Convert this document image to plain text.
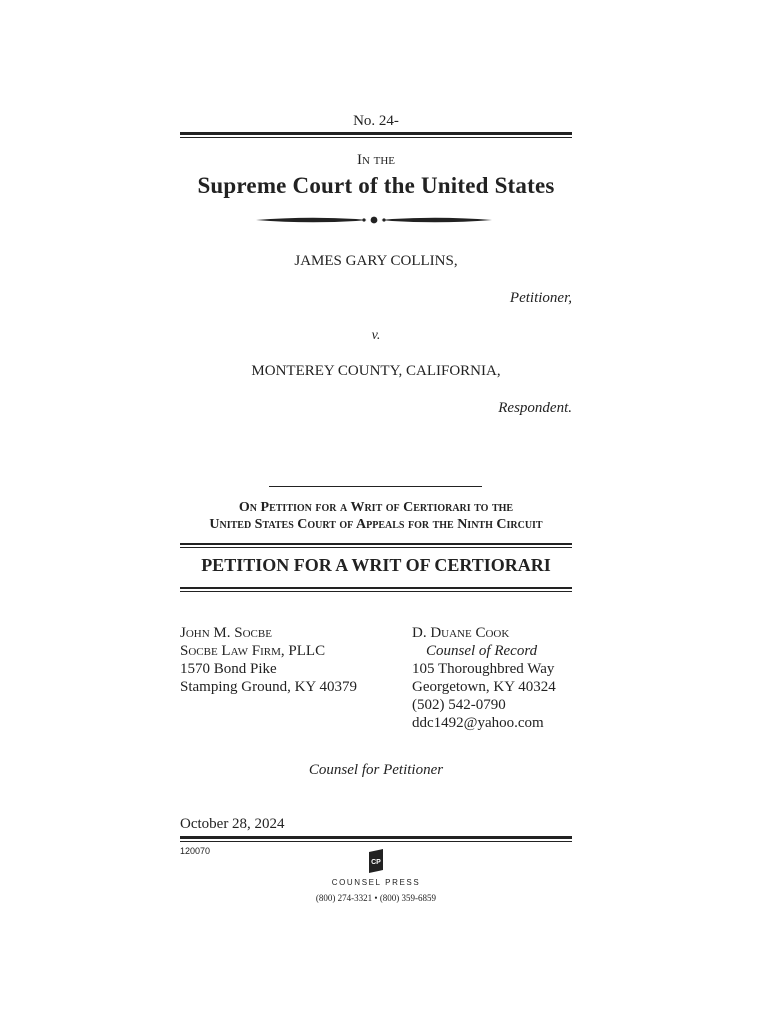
No. 24-
In the
Supreme Court of the United States
JAMES GARY COLLINS,
Petitioner,
v.
MONTEREY COUNTY, CALIFORNIA,
Respondent.
On Petition for a Writ of Certiorari to the
United States Court of Appeals for the Ninth Circuit
PETITION FOR A WRIT OF CERTIORARI
John M. Socbe
Socbe Law Firm, PLLC
1570 Bond Pike
Stamping Ground, KY 40379
D. Duane Cook
Counsel of Record
105 Thoroughbred Way
Georgetown, KY 40324
(502) 542-0790
ddc1492@yahoo.com
Counsel for Petitioner
October 28, 2024
120070
CP
COUNSEL PRESS
(800) 274-3321 • (800) 359-6859
